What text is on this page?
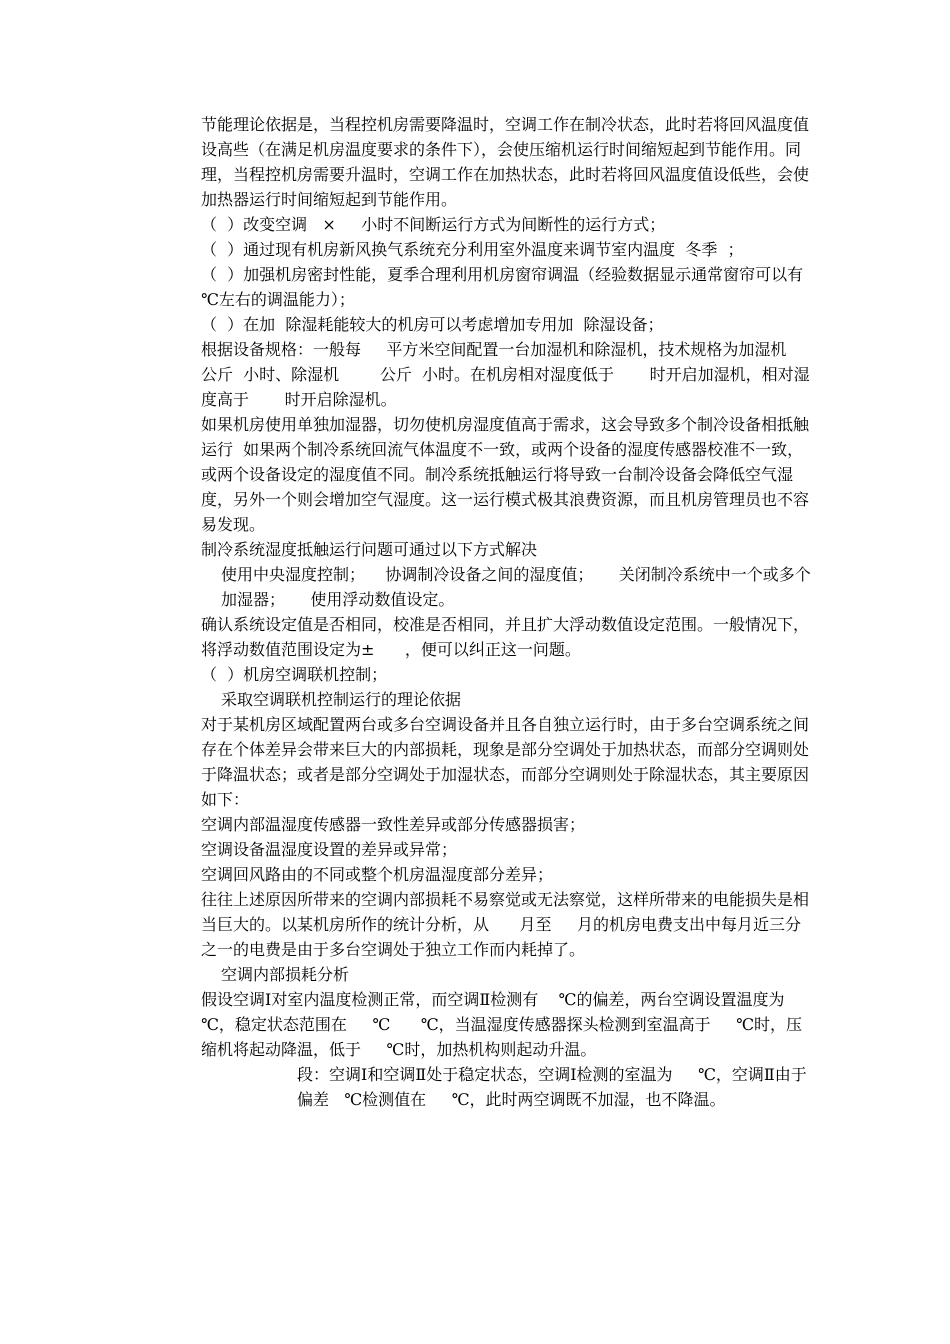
节能理论依据是，当程控机房需要降温时，空调工作在制冷状态，此时若将回风温度值设高些（在满足机房温度要求的条件下），会使压缩机运行时间缩短起到节能作用。同理，当程控机房需要升温时，空调工作在加热状态，此时若将回风温度值设低些，会使加热器运行时间缩短起到节能作用。

（  ）改变空调   ×     小时不间断运行方式为间断性的运行方式；

（  ）通过现有机房新风换气系统充分利用室外温度来调节室内温度  冬季  ；

（  ）加强机房密封性能，夏季合理利用机房窗帘调温（经验数据显示通常窗帘可以有     ℃左右的调温能力）；

（  ）在加  除湿耗能较大的机房可以考虑增加专用加  除湿设备；

根据设备规格：一般每     平方米空间配置一台加湿机和除湿机，技术规格为加湿机        公斤  小时、除湿机        公斤  小时。在机房相对湿度低于       时开启加湿机，相对湿度高于       时开启除湿机。

如果机房使用单独加湿器，切勿使机房湿度值高于需求，这会导致多个制冷设备相抵触运行  如果两个制冷系统回流气体温度不一致，或两个设备的湿度传感器校准不一致，或两个设备设定的湿度值不同。制冷系统抵触运行将导致一台制冷设备会降低空气湿度，另外一个则会增加空气湿度。这一运行模式极其浪费资源，而且机房管理员也不容易发现。

制冷系统湿度抵触运行问题可通过以下方式解决

使用中央湿度控制；    协调制冷设备之间的湿度值；     关闭制冷系统中一个或多个加湿器；     使用浮动数值设定。

确认系统设定值是否相同，校准是否相同，并且扩大浮动数值设定范围。一般情况下，将浮动数值范围设定为±      ，便可以纠正这一问题。

（  ）机房空调联机控制；

采取空调联机控制运行的理论依据

对于某机房区域配置两台或多台空调设备并且各自独立运行时，由于多台空调系统之间存在个体差异会带来巨大的内部损耗，现象是部分空调处于加热状态，而部分空调则处于降温状态；或者是部分空调处于加湿状态，而部分空调则处于除湿状态，其主要原因如下：

空调内部温湿度传感器一致性差异或部分传感器损害；

空调设备温湿度设置的差异或异常；

空调回风路由的不同或整个机房温湿度部分差异；

往往上述原因所带来的空调内部损耗不易察觉或无法察觉，这样所带来的电能损失是相当巨大的。以某机房所作的统计分析，从      月至     月的机房电费支出中每月近三分之一的电费是由于多台空调处于独立工作而内耗掉了。

空调内部损耗分析

假设空调Ⅰ对室内温度检测正常，而空调Ⅱ检测有    ℃的偏差，两台空调设置温度为     ℃，稳定状态范围在     ℃      ℃，当温湿度传感器探头检测到室温高于     ℃时，压缩机将起动降温，低于     ℃时，加热机构则起动升温。

段：空调Ⅰ和空调Ⅱ处于稳定状态，空调Ⅰ检测的室温为     ℃，空调Ⅱ由于偏差   ℃检测值在     ℃，此时两空调既不加湿，也不降温。
